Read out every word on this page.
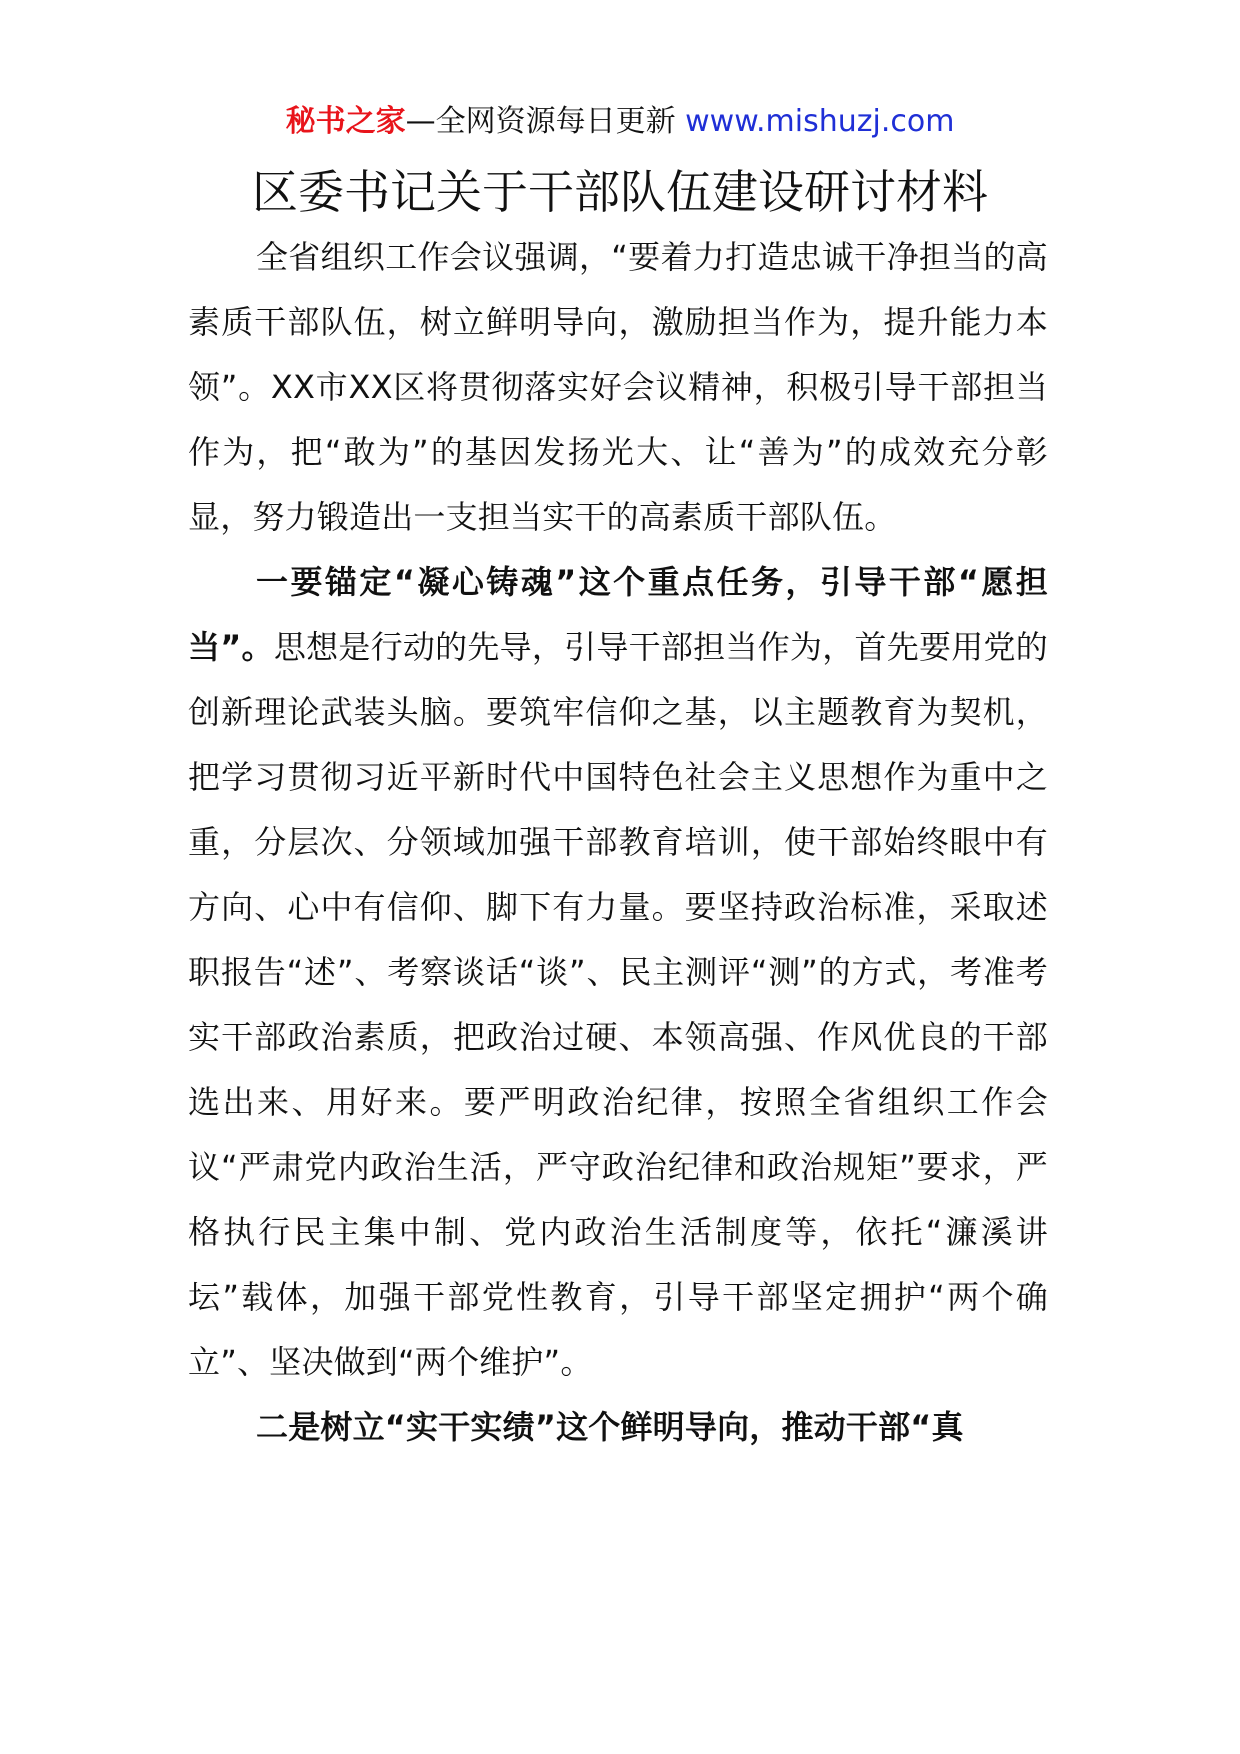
秘书之家—全网资源每日更新 www.mishuzj.com
区委书记关于干部队伍建设研讨材料

全省组织工作会议强调，“要着力打造忠诚干净担当的高素质干部队伍，树立鲜明导向，激励担当作为，提升能力本领”。XX市XX区将贯彻落实好会议精神，积极引导干部担当作为，把“敢为”的基因发扬光大、让“善为”的成效充分彰显，努力锻造出一支担当实干的高素质干部队伍。

一要锚定“凝心铸魂”这个重点任务，引导干部“愿担当”。思想是行动的先导，引导干部担当作为，首先要用党的创新理论武装头脑。要筑牢信仰之基，以主题教育为契机，把学习贯彻习近平新时代中国特色社会主义思想作为重中之重，分层次、分领域加强干部教育培训，使干部始终眼中有方向、心中有信仰、脚下有力量。要坚持政治标准，采取述职报告“述”、考察谈话“谈”、民主测评“测”的方式，考准考实干部政治素质，把政治过硬、本领高强、作风优良的干部选出来、用好来。要严明政治纪律，按照全省组织工作会议“严肃党内政治生活，严守政治纪律和政治规矩”要求，严格执行民主集中制、党内政治生活制度等，依托“濂溪讲坛”载体，加强干部党性教育，引导干部坚定拥护“两个确立”、坚决做到“两个维护”。

二是树立“实干实绩”这个鲜明导向，推动干部“真
